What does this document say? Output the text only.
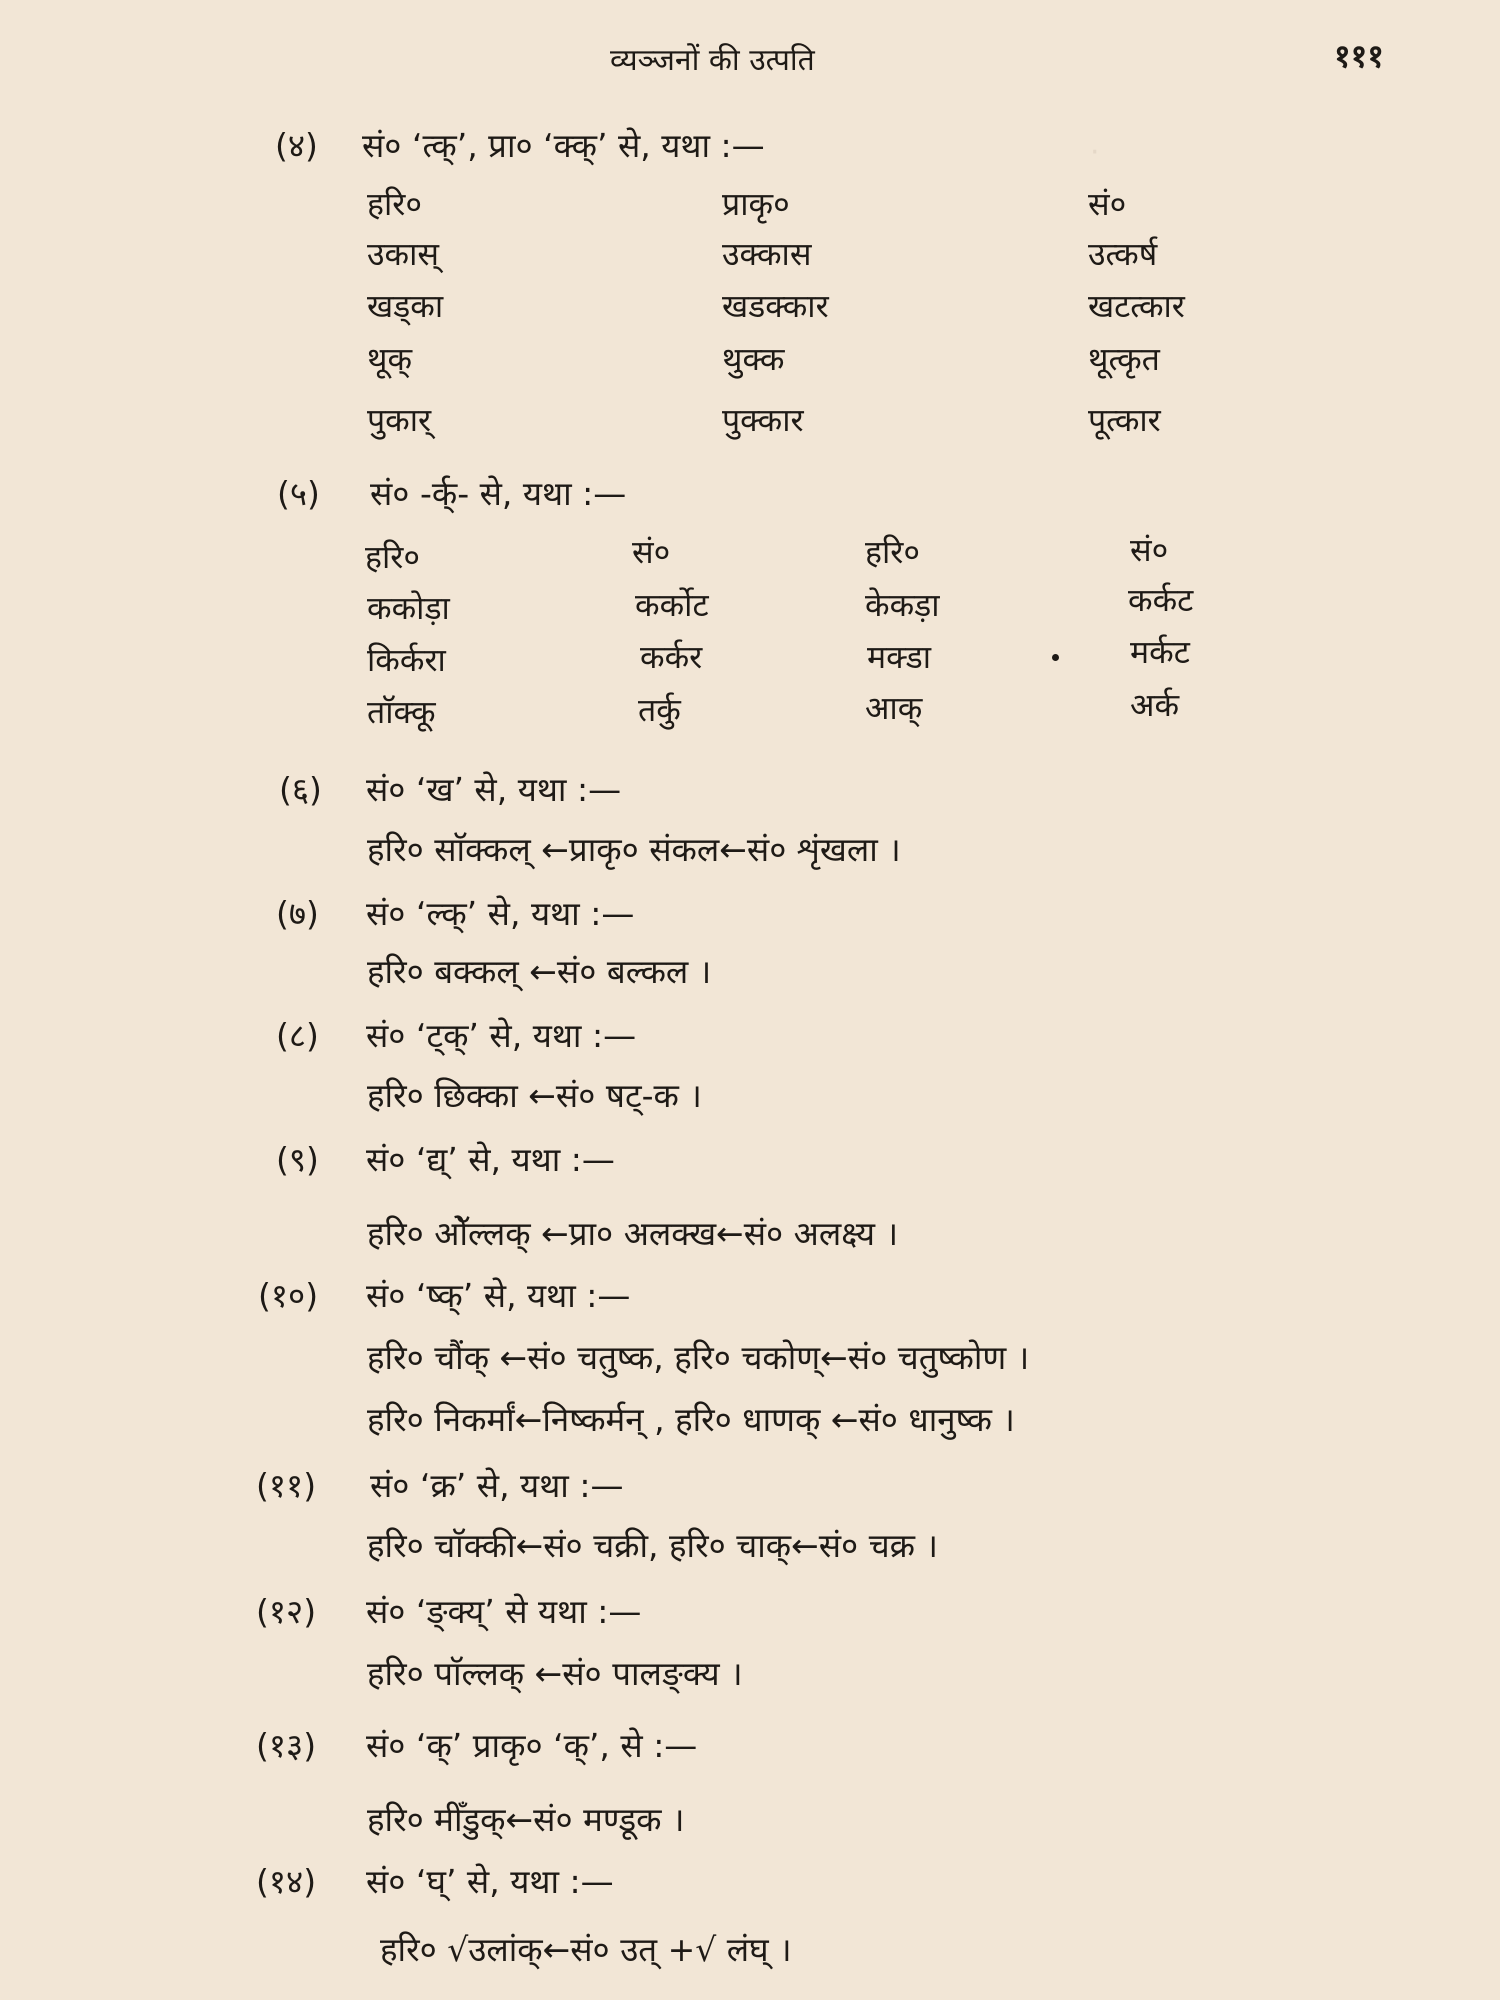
·
व्यञ्जनों की उत्पति	१११
(४) सं० ‘त्क्’, प्रा० ‘क्क्’ से, यथा :—
हरि०	प्राकृ०	सं०
उकास्	उक्कास	उत्कर्ष
खड्का	खडक्कार	खटत्कार
थूक्	थुक्क	थूत्कृत
पुकार्	पुक्कार	पूत्कार
(५) सं० -र्क्- से, यथा :—
हरि०	सं०	हरि०	सं०
ककोड़ा	कर्कोट	केकड़ा	कर्कट
किर्करा	कर्कर	मक्डा	मर्कट
ताॅक्कू	तर्कु	आक्	अर्क
(६) सं० ‘ख’ से, यथा :—
हरि० साॅक्कल् ←प्राकृ० संकल←सं० शृंखला ।
(७) सं० ‘ल्क्’ से, यथा :—
हरि० बक्कल् ←सं० बल्कल ।
(८) सं० ‘ट्क्’ से, यथा :—
हरि० छिक्का ←सं० षट्-क ।
(९) सं० ‘द्य्’ से, यथा :—
हरि० ओॅल्लक् ←प्रा० अलक्ख←सं० अलक्ष्य ।
(१०) सं० ‘ष्क्’ से, यथा :—
हरि० चौंक् ←सं० चतुष्क, हरि० चकोण्←सं० चतुष्कोण ।
हरि० निकर्मां←निष्कर्मन् , हरि० धाणक् ←सं० धानुष्क ।
(११) सं० ‘क्र’ से, यथा :—
हरि० चाॅक्की←सं० चक्री, हरि० चाक्←सं० चक्र ।
(१२) सं० ‘ङ्क्य्’ से यथा :—
हरि० पाॅल्लक् ←सं० पालङ्क्य ।
(१३) सं० ‘क्’ प्राकृ० ‘क्’, से :—
हरि० मीँडुक्←सं० मण्डूक ।
(१४) सं० ‘घ्’ से, यथा :—
हरि० √उलांक्←सं० उत् +√ लंघ् ।
